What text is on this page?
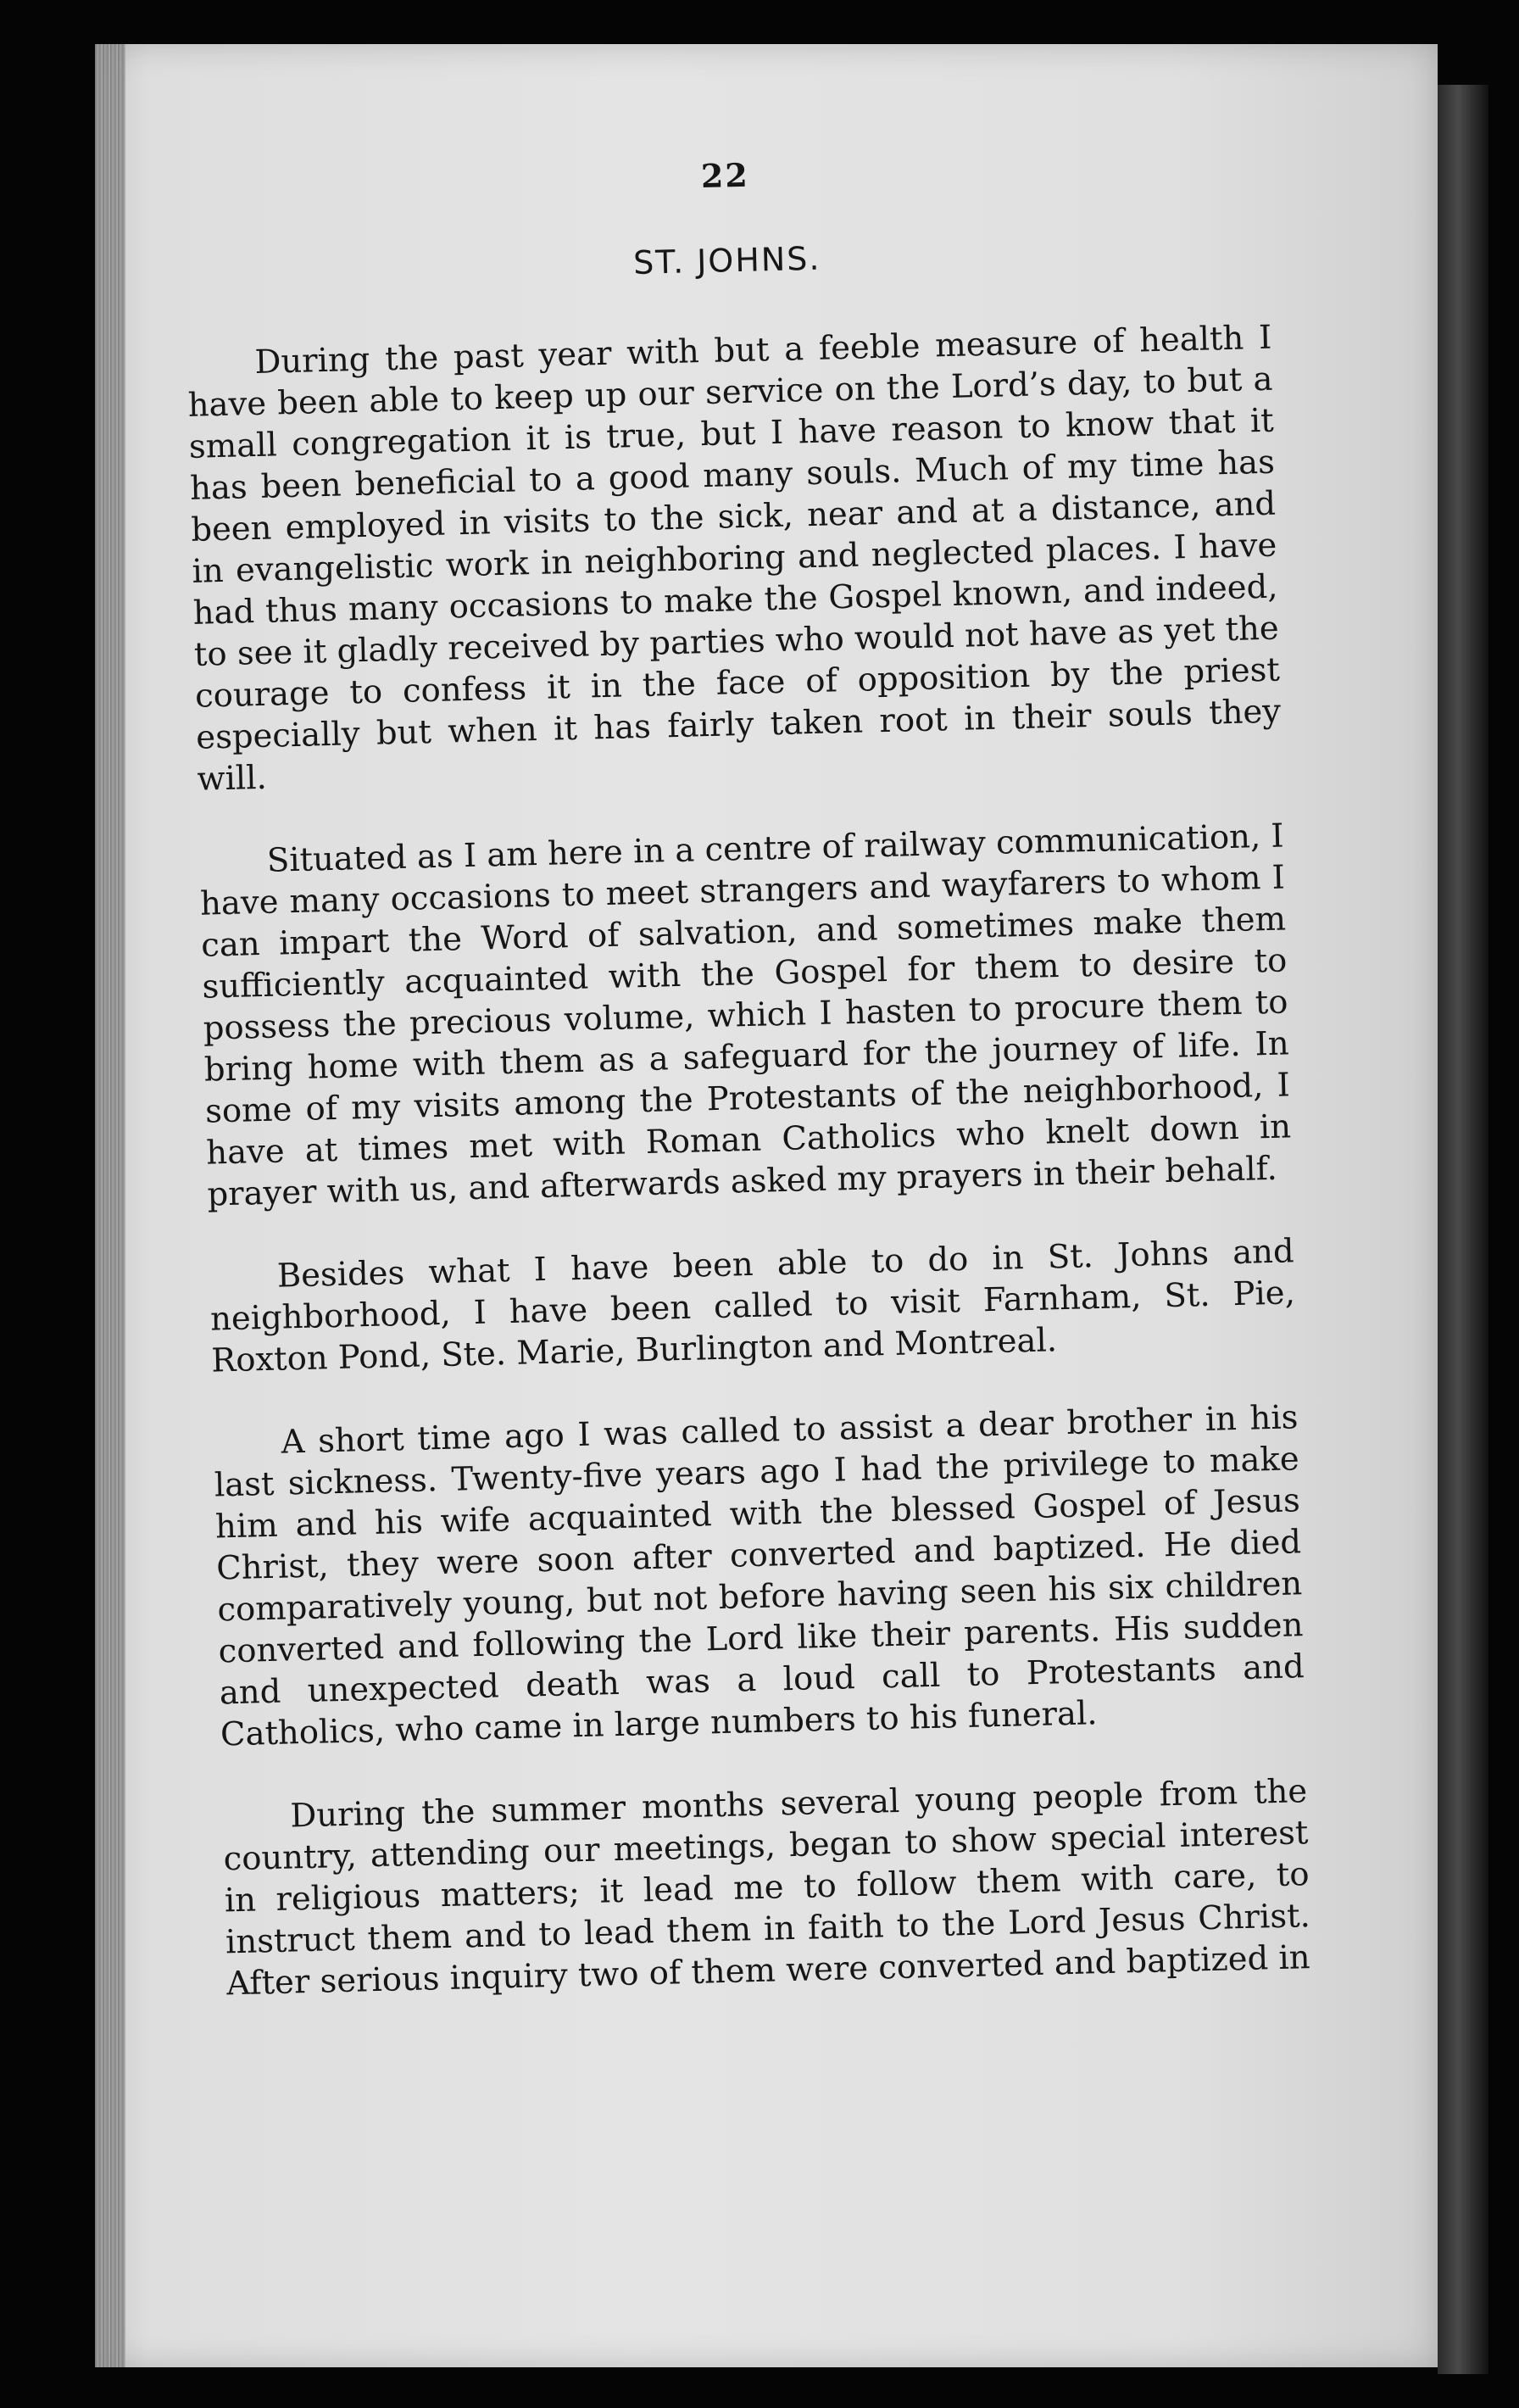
22
ST. JOHNS.

During the past year with but a feeble measure of health I have been able to keep up our service on the Lord’s day, to but a small congregation it is true, but I have reason to know that it has been beneficial to a good many souls. Much of my time has been employed in visits to the sick, near and at a distance, and in evangelistic work in neighboring and neglected places. I have had thus many occasions to make the Gospel known, and indeed, to see it gladly received by parties who would not have as yet the courage to confess it in the face of opposition by the priest especially but when it has fairly taken root in their souls they will.

Situated as I am here in a centre of railway communication, I have many occasions to meet strangers and wayfarers to whom I can impart the Word of salvation, and sometimes make them sufficiently acquainted with the Gospel for them to desire to possess the precious volume, which I hasten to procure them to bring home with them as a safeguard for the journey of life. In some of my visits among the Protestants of the neighborhood, I have at times met with Roman Catholics who knelt down in prayer with us, and afterwards asked my prayers in their behalf.

Besides what I have been able to do in St. Johns and neighborhood, I have been called to visit Farnham, St. Pie, Roxton Pond, Ste. Marie, Burlington and Montreal.

A short time ago I was called to assist a dear brother in his last sickness. Twenty-five years ago I had the privilege to make him and his wife acquainted with the blessed Gospel of Jesus Christ, they were soon after converted and baptized. He died comparatively young, but not before having seen his six children converted and following the Lord like their parents. His sudden and unexpected death was a loud call to Protestants and Catholics, who came in large numbers to his funeral.

During the summer months several young people from the country, attending our meetings, began to show special interest in religious matters; it lead me to follow them with care, to instruct them and to lead them in faith to the Lord Jesus Christ. After serious inquiry two of them were converted and baptized in
